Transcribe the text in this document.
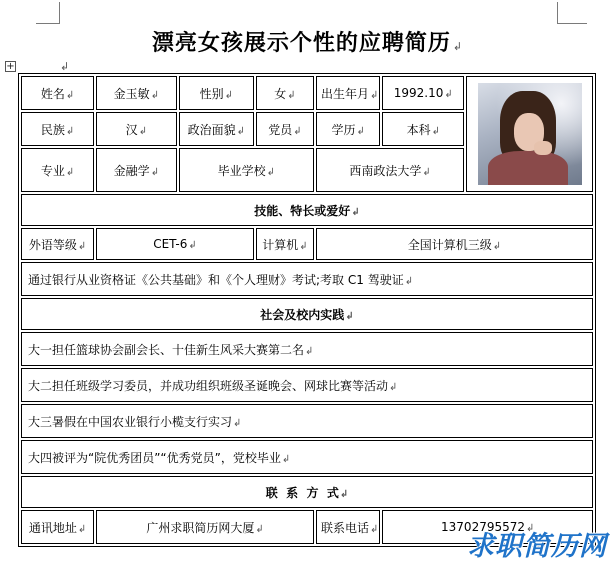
漂亮女孩展示个性的应聘简历 ↲
+	↲
姓名↲	金玉敏↲	性别↲	女↲	出生年月↲	1992.10↲	

民族↲	汉↲	政治面貌↲	党员↲	学历↲	本科↲	
专业↲	金融学↲	毕业学校↲		西南政法大学↲		
技能、特长或爱好↲						
外语等级↲	CET-6↲		计算机↲	全国计算机三级↲		
通过银行从业资格证《公共基础》和《个人理财》考试;考取 C1 驾驶证↲						
社会及校内实践↲						
大一担任篮球协会副会长、十佳新生风采大赛第二名↲						
大二担任班级学习委员，并成功组织班级圣诞晚会、网球比赛等活动↲						
大三暑假在中国农业银行小榄支行实习↲						
大四被评为“院优秀团员”“优秀党员”，党校毕业↲						
联  系  方  式↲						
通讯地址↲	广州求职简历网大厦↲			联系电话↲	13702795572↲	
求职简历网
